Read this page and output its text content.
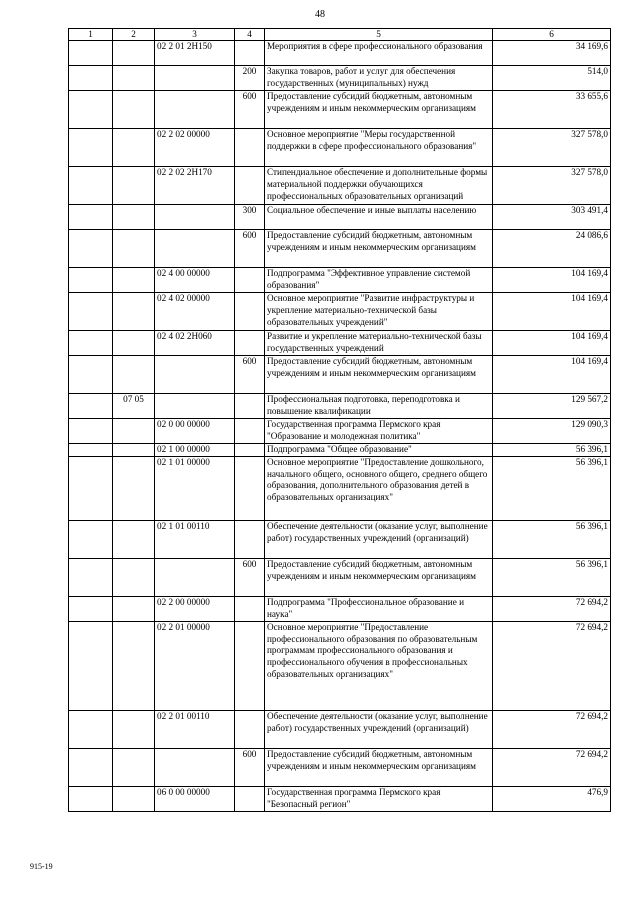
48
1	2	3	4	5	6
		02 2 01 2Н150		Мероприятия в сфере профессионального образования	34 169,6
			200	Закупка товаров, работ и услуг для обеспечения государственных (муниципальных) нужд	514,0
			600	Предоставление субсидий бюджетным, автономным учреждениям и иным некоммерческим организациям	33 655,6
		02 2 02 00000		Основное мероприятие "Меры государственной поддержки в сфере профессионального образования"	327 578,0
		02 2 02 2Н170		Стипендиальное обеспечение и дополнительные формы материальной поддержки обучающихся профессиональных образовательных организаций	327 578,0
			300	Социальное обеспечение и иные выплаты населению	303 491,4
			600	Предоставление субсидий бюджетным, автономным учреждениям и иным некоммерческим организациям	24 086,6
		02 4 00 00000		Подпрограмма "Эффективное управление системой образования"	104 169,4
		02 4 02 00000		Основное мероприятие "Развитие инфраструктуры и укрепление материально-технической базы образовательных учреждений"	104 169,4
		02 4 02 2Н060		Развитие и укрепление материально-технической базы государственных учреждений	104 169,4
			600	Предоставление субсидий бюджетным, автономным учреждениям и иным некоммерческим организациям	104 169,4
	07 05			Профессиональная подготовка, переподготовка и повышение квалификации	129 567,2
		02 0 00 00000		Государственная программа Пермского края "Образование и молодежная политика"	129 090,3
		02 1 00 00000		Подпрограмма "Общее образование"	56 396,1
		02 1 01 00000		Основное мероприятие "Предоставление дошкольного, начального общего, основного общего, среднего общего образования, дополнительного образования детей в образовательных организациях"	56 396,1
		02 1 01 00110		Обеспечение деятельности (оказание услуг, выполнение работ) государственных учреждений (организаций)	56 396,1
			600	Предоставление субсидий бюджетным, автономным учреждениям и иным некоммерческим организациям	56 396,1
		02 2 00 00000		Подпрограмма "Профессиональное образование и наука"	72 694,2
		02 2 01 00000		Основное мероприятие "Предоставление профессионального образования по образовательным программам профессионального образования и профессионального обучения в профессиональных образовательных организациях"	72 694,2
		02 2 01 00110		Обеспечение деятельности (оказание услуг, выполнение работ) государственных учреждений (организаций)	72 694,2
			600	Предоставление субсидий бюджетным, автономным учреждениям и иным некоммерческим организациям	72 694,2
		06 0 00 00000		Государственная программа Пермского края "Безопасный регион"	476,9
915-19
